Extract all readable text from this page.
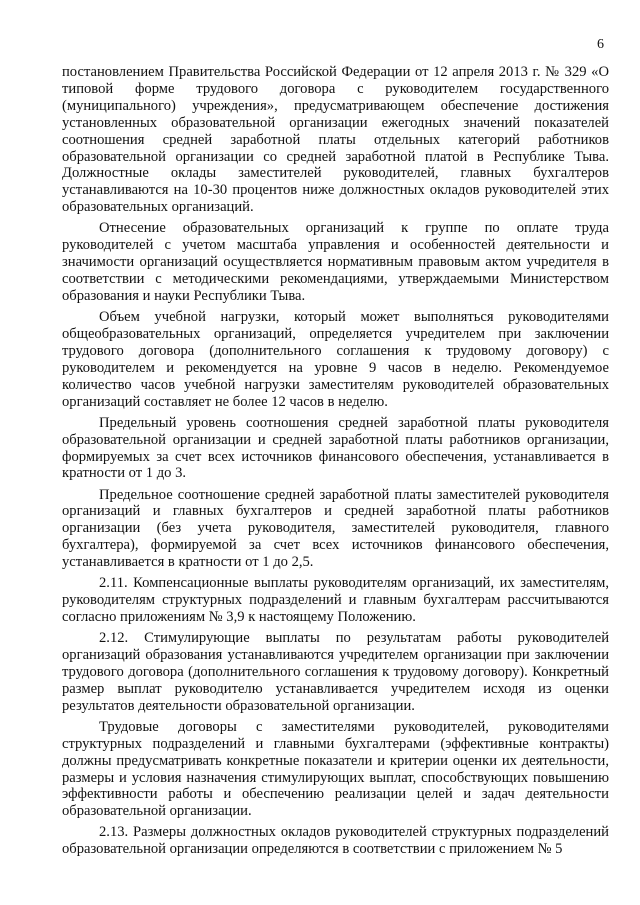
6

постановлением Правительства Российской Федерации от 12 апреля 2013 г. № 329 «О типовой форме трудового договора с руководителем государственного (муниципального) учреждения», предусматривающем обеспечение достижения установленных образовательной организации ежегодных значений показателей соотношения средней заработной платы отдельных категорий работников образовательной организации со средней заработной платой в Республике Тыва. Должностные оклады заместителей руководителей, главных бухгалтеров устанавливаются на 10-30 процентов ниже должностных окладов руководителей этих образовательных организаций.

Отнесение образовательных организаций к группе по оплате труда руководителей с учетом масштаба управления и особенностей деятельности и значимости организаций осуществляется нормативным правовым актом учредителя в соответствии с методическими рекомендациями, утверждаемыми Министерством образования и науки Республики Тыва.

Объем учебной нагрузки, который может выполняться руководителями общеобразовательных организаций, определяется учредителем при заключении трудового договора (дополнительного соглашения к трудовому договору) с руководителем и рекомендуется на уровне 9 часов в неделю. Рекомендуемое количество часов учебной нагрузки заместителям руководителей образовательных организаций составляет не более 12 часов в неделю.

Предельный уровень соотношения средней заработной платы руководителя образовательной организации и средней заработной платы работников организации, формируемых за счет всех источников финансового обеспечения, устанавливается в кратности от 1 до 3.

Предельное соотношение средней заработной платы заместителей руководителя организаций и главных бухгалтеров и средней заработной платы работников организации (без учета руководителя, заместителей руководителя, главного бухгалтера), формируемой за счет всех источников финансового обеспечения, устанавливается в кратности от 1 до 2,5.

2.11. Компенсационные выплаты руководителям организаций, их заместителям, руководителям структурных подразделений и главным бухгалтерам рассчитываются согласно приложениям № 3,9 к настоящему Положению.

2.12. Стимулирующие выплаты по результатам работы руководителей организаций образования устанавливаются учредителем организации при заключении трудового договора (дополнительного соглашения к трудовому договору). Конкретный размер выплат руководителю устанавливается учредителем исходя из оценки результатов деятельности образовательной организации.

Трудовые договоры с заместителями руководителей, руководителями структурных подразделений и главными бухгалтерами (эффективные контракты) должны предусматривать конкретные показатели и критерии оценки их деятельности, размеры и условия назначения стимулирующих выплат, способствующих повышению эффективности работы и обеспечению реализации целей и задач деятельности образовательной организации.

2.13. Размеры должностных окладов руководителей структурных подразделений образовательной организации определяются в соответствии с приложением № 5
